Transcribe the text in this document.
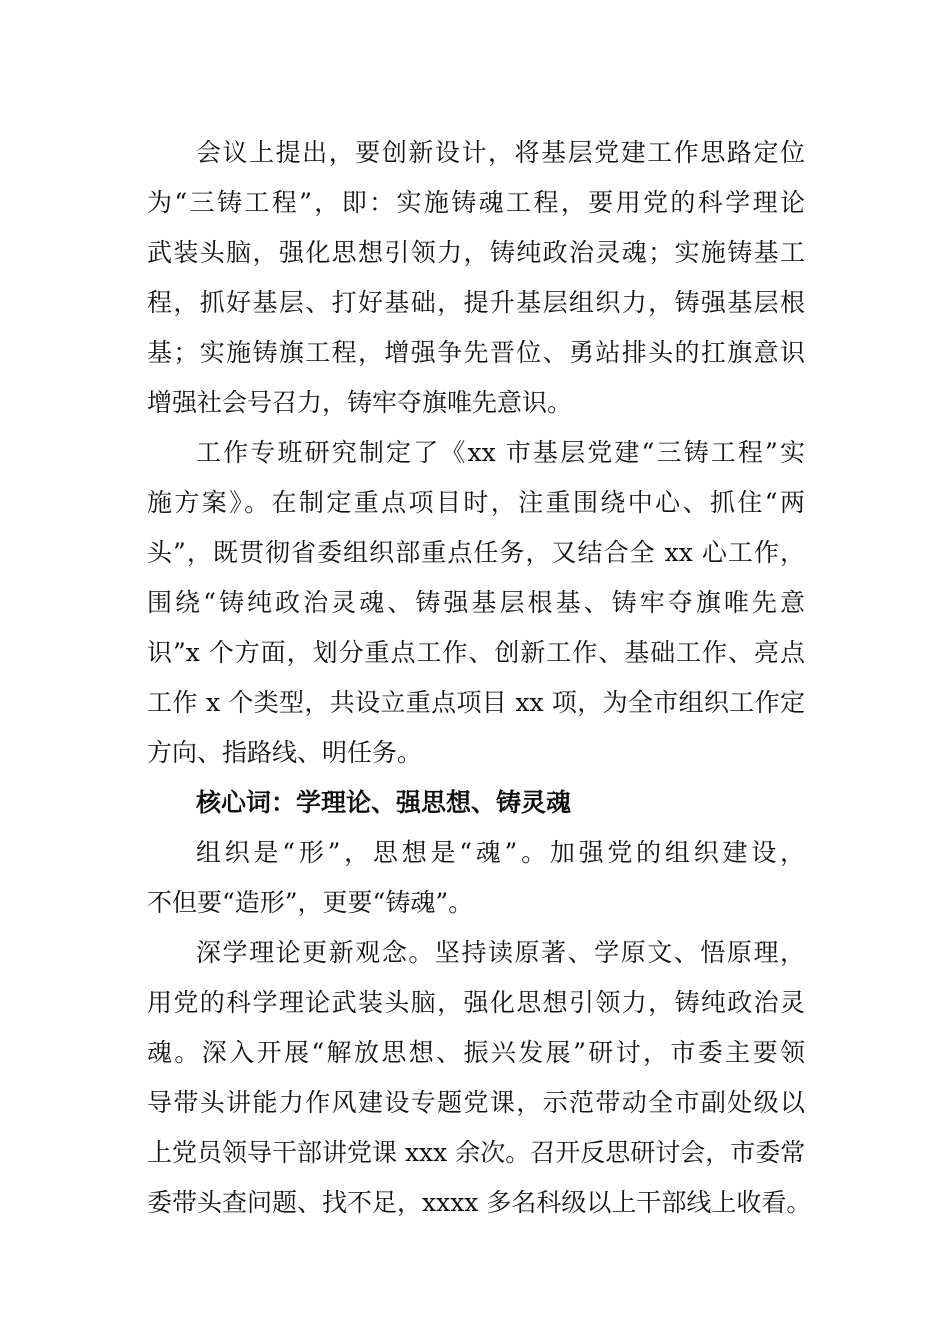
会议上提出，要创新设计，将基层党建工作思路定位
为“三铸工程”，即：实施铸魂工程，要用党的科学理论
武装头脑，强化思想引领力，铸纯政治灵魂；实施铸基工
程，抓好基层、打好基础，提升基层组织力，铸强基层根
基；实施铸旗工程，增强争先晋位、勇站排头的扛旗意识
增强社会号召力，铸牢夺旗唯先意识。
工作专班研究制定了《xx 市基层党建“三铸工程”实
施方案》。在制定重点项目时，注重围绕中心、抓住“两
头”，既贯彻省委组织部重点任务，又结合全 xx 心工作，
围绕“铸纯政治灵魂、铸强基层根基、铸牢夺旗唯先意
识”x 个方面，划分重点工作、创新工作、基础工作、亮点
工作 x 个类型，共设立重点项目 xx 项，为全市组织工作定
方向、指路线、明任务。
核心词：学理论、强思想、铸灵魂
组织是“形”，思想是“魂”。加强党的组织建设，
不但要“造形”，更要“铸魂”。
深学理论更新观念。坚持读原著、学原文、悟原理，
用党的科学理论武装头脑，强化思想引领力，铸纯政治灵
魂。深入开展“解放思想、振兴发展”研讨，市委主要领
导带头讲能力作风建设专题党课，示范带动全市副处级以
上党员领导干部讲党课 xxx 余次。召开反思研讨会，市委常
委带头查问题、找不足，xxxx 多名科级以上干部线上收看。
